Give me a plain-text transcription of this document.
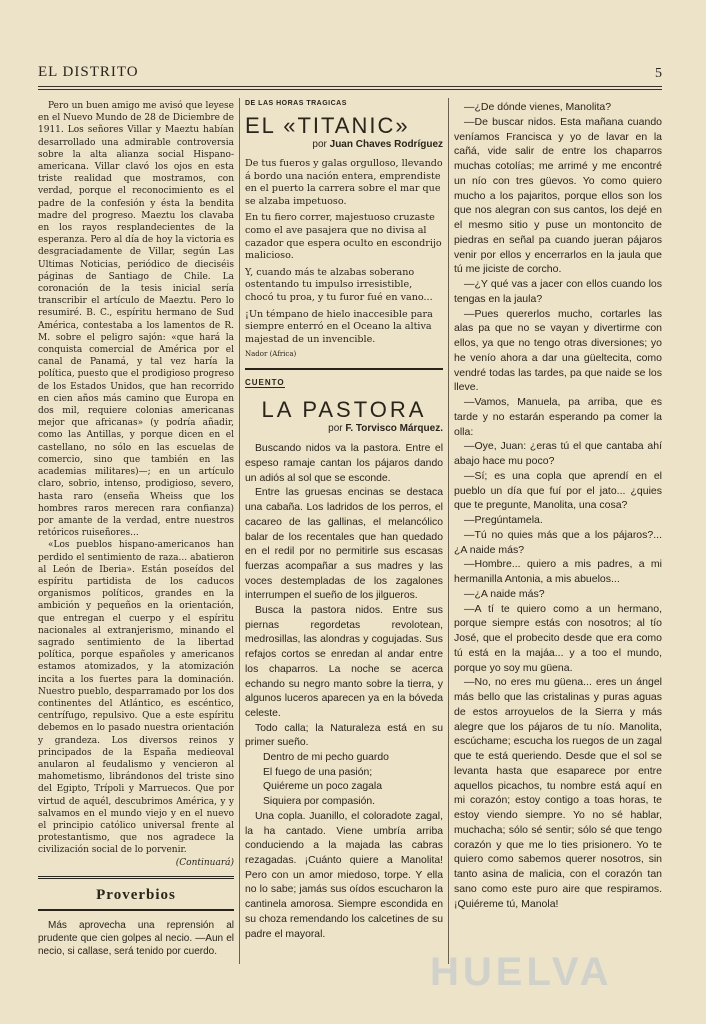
EL DISTRITO	5

Pero un buen amigo me avisó que leyese en el Nuevo Mundo de 28 de Diciembre de 1911. Los señores Villar y Maeztu habían desarrollado una admirable controversia sobre la alta alianza social Hispano-americana. Villar clavó los ojos en esta triste realidad que mostramos, con verdad, porque el reconocimiento es el padre de la confesión y ésta la bendita madre del progreso. Maeztu los clavaba en los rayos resplandecientes de la esperanza. Pero al día de hoy la victoria es desgraciadamente de Villar, según Las Ultimas Noticias, periódico de dieciséis páginas de Santiago de Chile. La coronación de la tesis inicial sería transcribir el artículo de Maeztu. Pero lo resumiré. B. C., espíritu hermano de Sud América, contestaba a los lamentos de R. M. sobre el peligro sajón: «que hará la conquista comercial de América por el canal de Panamá, y tal vez haría la política, puesto que el prodigioso progreso de los Estados Unidos, que han recorrido en cien años más camino que Europa en dos mil, requiere colonias americanas mejor que africanas» (y podría añadir, como las Antillas, y porque dicen en el castellano, no sólo en las escuelas de comercio, sino que también en las academias militares)—; en un artículo claro, sobrio, intenso, prodigioso, severo, hasta raro (enseña Wheiss que los hombres raros merecen rara confianza) por amante de la verdad, entre nuestros retóricos ruiseñores...

«Los pueblos hispano-americanos han perdido el sentimiento de raza... abatieron al León de Iberia». Están poseídos del espíritu partidista de los caducos organismos políticos, grandes en la ambición y pequeños en la orientación, que entregan el cuerpo y el espíritu nacionales al extranjerismo, minando el sagrado sentimiento de la libertad política, porque españoles y americanos estamos atomizados, y la atomización incita a los fuertes para la dominación. Nuestro pueblo, desparramado por los dos continentes del Atlántico, es escéntico, centrífugo, repulsivo. Que a este espíritu debemos en lo pasado nuestra orientación y grandeza. Los diversos reinos y principados de la España medieoval anularon al feudalismo y vencieron al mahometismo, librándonos del triste sino del Egipto, Trípoli y Marruecos. Que por virtud de aquél, descubrimos América, y y salvamos en el mundo viejo y en el nuevo el principio católico universal frente al protestantismo, que nos agradece la civilización social de lo porvenir.

(Continuará)
Proverbios

Más aprovecha una reprensión al prudente que cien golpes al necio. —Aun el necio, si callase, será tenido por cuerdo.

DE LAS HORAS TRÁGICAS
EL «TITANIC»
por Juan Chaves Rodríguez

De tus fueros y galas orgulloso, llevando á bordo una nación entera, emprendiste en el puerto la carrera sobre el mar que se alzaba impetuoso.

En tu fiero correr, majestuoso cruzaste como el ave pasajera que no divisa al cazador que espera oculto en escondrijo malicioso.

Y, cuando más te alzabas soberano ostentando tu impulso irresistible, chocó tu proa, y tu furor fué en vano...

¡Un témpano de hielo inaccesible para siempre enterró en el Oceano la altiva majestad de un invencible.

Nador (Africa)
CUENTO
LA PASTORA
por F. Torvisco Márquez.

Buscando nidos va la pastora. Entre el espeso ramaje cantan los pájaros dando un adiós al sol que se esconde.

Entre las gruesas encinas se destaca una cabaña. Los ladridos de los perros, el cacareo de las gallinas, el melancólico balar de los recentales que han quedado en el redil por no permitirle sus escasas fuerzas acompañar a sus madres y las voces destempladas de los zagalones interrumpen el sueño de los jilgueros.

Busca la pastora nidos. Entre sus piernas regordetas revolotean, medrosillas, las alondras y cogujadas. Sus refajos cortos se enredan al andar entre los chaparros. La noche se acerca echando su negro manto sobre la tierra, y algunos luceros aparecen ya en la bóveda celeste.

Todo calla; la Naturaleza está en su primer sueño.

Dentro de mi pecho guardo

El fuego de una pasión;

Quiéreme un poco zagala

Siquiera por compasión.

Una copla. Juanillo, el coloradote zagal, la ha cantado. Viene umbría arriba conduciendo a la majada las cabras rezagadas. ¡Cuánto quiere a Manolita! Pero con un amor miedoso, torpe. Y ella no lo sabe; jamás sus oídos escucharon la cantinela amorosa. Siempre escondida en su choza remendando los calcetines de su padre el mayoral.

—¿De dónde vienes, Manolita?

—De buscar nidos. Esta mañana cuando veníamos Francisca y yo de lavar en la cañá, vide salir de entre los chaparros muchas cotolías; me arrimé y me encontré un nío con tres güevos. Yo como quiero mucho a los pajaritos, porque ellos son los que nos alegran con sus cantos, los dejé en el mesmo sitio y puse un montoncito de piedras en señal pa cuando jueran pájaros venir por ellos y encerrarlos en la jaula que tú me jiciste de corcho.

—¿Y qué vas a jacer con ellos cuando los tengas en la jaula?

—Pues quererlos mucho, cortarles las alas pa que no se vayan y divertirme con ellos, ya que no tengo otras diversiones; yo he venío ahora a dar una güeltecita, como vendré todas las tardes, pa que naide se los lleve.

—Vamos, Manuela, pa arriba, que es tarde y no estarán esperando pa comer la olla:

—Oye, Juan: ¿eras tú el que cantaba ahí abajo hace mu poco?

—Sí; es una copla que aprendí en el pueblo un día que fuí por el jato... ¿quies que te pregunte, Manolita, una cosa?

—Pregúntamela.

—Tú no quies más que a los pájaros?... ¿A naide más?

—Hombre... quiero a mis padres, a mi hermanilla Antonia, a mis abuelos...

—¿A naide más?

—A tí te quiero como a un hermano, porque siempre estás con nosotros; al tío José, que el probecito desde que era como tú está en la majáa... y a too el mundo, porque yo soy mu güena.

—No, no eres mu güena... eres un ángel más bello que las cristalinas y puras aguas de estos arroyuelos de la Sierra y más alegre que los pájaros de tu nío. Manolita, escúchame; escucha los ruegos de un zagal que te está queriendo. Desde que el sol se levanta hasta que esaparece por entre aquellos picachos, tu nombre está aquí en mi corazón; estoy contigo a toas horas, te estoy viendo siempre. Yo no sé hablar, muchacha; sólo sé sentir; sólo sé que tengo corazón y que me lo ties prisionero. Yo te quiero como sabemos querer nosotros, sin tanto asina de malicia, con el corazón tan sano como este puro aire que respiramos. ¡Quiéreme tú, Manola!

HUELVA
